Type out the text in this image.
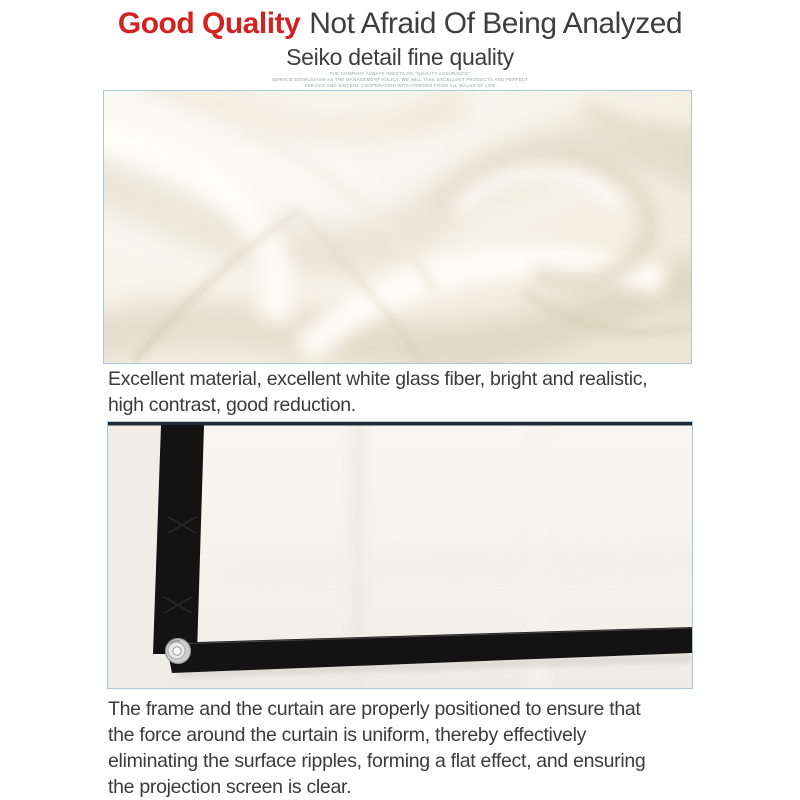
Good Quality Not Afraid Of Being Analyzed
Seiko detail fine quality
THE COMPANY ALWAYS INSISTS ON "QUALITY ASSURANCE"
SERVICE ENTHUSIASM AS THE MANAGEMENT POLICY, WE WILL TAKE EXCELLENT PRODUCTS AND PERFECT
SERVICE AND SINCERE COOPERATION WITH FRIENDS FROM ALL WALKS OF LIFE
Excellent material, excellent white glass fiber, bright and realistic,
high contrast, good reduction.
The frame and the curtain are properly positioned to ensure that
the force around the curtain is uniform, thereby effectively
eliminating the surface ripples, forming a flat effect, and ensuring
the projection screen is clear.
